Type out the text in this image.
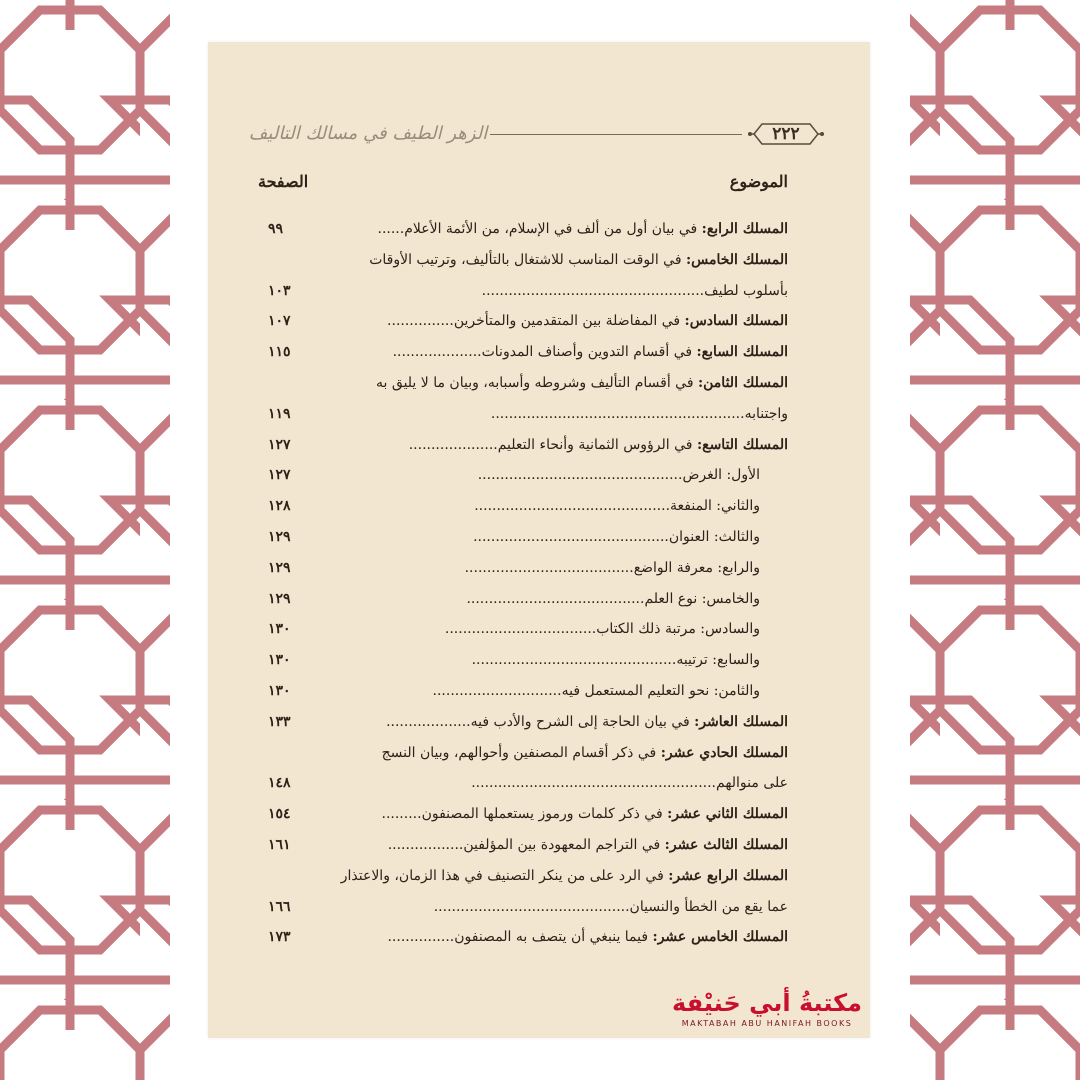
الزهر الطيف في مسالك التاليف	٢٢٢
الموضوع
الصفحة
المسلك الرابع: في بيان أول من ألف في الإسلام، من الأئمة الأعلام......
٩٩
المسلك الخامس: في الوقت المناسب للاشتغال بالتأليف، وترتيب الأوقات
بأسلوب لطيف..................................................
١٠٣
المسلك السادس: في المفاضلة بين المتقدمين والمتأخرين...............
١٠٧
المسلك السابع: في أقسام التدوين وأصناف المدونات....................
١١٥
المسلك الثامن: في أقسام التأليف وشروطه وأسبابه، وبيان ما لا يليق به
واجتنابه.........................................................
١١٩
المسلك التاسع: في الرؤوس الثمانية وأنحاء التعليم....................
١٢٧
الأول: الغرض..............................................
١٢٧
والثاني: المنفعة............................................
١٢٨
والثالث: العنوان............................................
١٢٩
والرابع: معرفة الواضع......................................
١٢٩
والخامس: نوع العلم........................................
١٢٩
والسادس: مرتبة ذلك الكتاب..................................
١٣٠
والسابع: ترتيبه..............................................
١٣٠
والثامن: نحو التعليم المستعمل فيه.............................
١٣٠
المسلك العاشر: في بيان الحاجة إلى الشرح والأدب فيه...................
١٣٣
المسلك الحادي عشر: في ذكر أقسام المصنفين وأحوالهم، وبيان النسج
على منوالهم.......................................................
١٤٨
المسلك الثاني عشر: في ذكر كلمات ورموز يستعملها المصنفون.........
١٥٤
المسلك الثالث عشر: في التراجم المعهودة بين المؤلفين.................
١٦١
المسلك الرابع عشر: في الرد على من ينكر التصنيف في هذا الزمان، والاعتذار
عما يقع من الخطأ والنسيان............................................
١٦٦
المسلك الخامس عشر: فيما ينبغي أن يتصف به المصنفون...............
١٧٣
مكتبةُ أبي حَنيْفة
MAKTABAH ABU HANIFAH BOOKS
